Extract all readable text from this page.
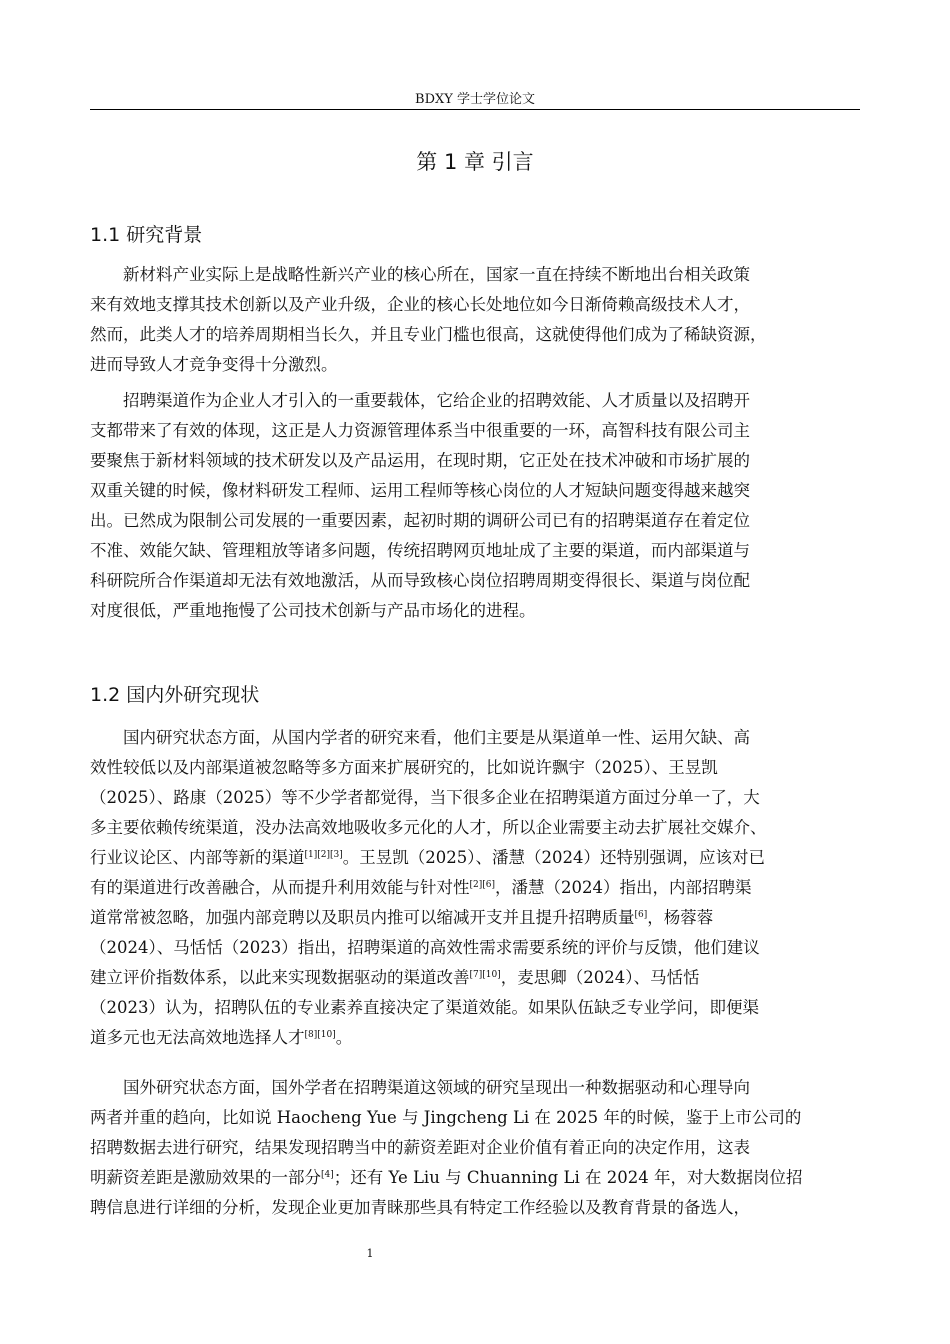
BDXY 学士学位论文
第 1 章 引言
1.1 研究背景

新材料产业实际上是战略性新兴产业的核心所在，国家一直在持续不断地出台相关政策
来有效地支撑其技术创新以及产业升级，企业的核心长处地位如今日渐倚赖高级技术人才，
然而，此类人才的培养周期相当长久，并且专业门槛也很高，这就使得他们成为了稀缺资源，
进而导致人才竞争变得十分激烈。

招聘渠道作为企业人才引入的一重要载体，它给企业的招聘效能、人才质量以及招聘开
支都带来了有效的体现，这正是人力资源管理体系当中很重要的一环，高智科技有限公司主
要聚焦于新材料领域的技术研发以及产品运用，在现时期，它正处在技术冲破和市场扩展的
双重关键的时候，像材料研发工程师、运用工程师等核心岗位的人才短缺问题变得越来越突
出。已然成为限制公司发展的一重要因素，起初时期的调研公司已有的招聘渠道存在着定位
不准、效能欠缺、管理粗放等诸多问题，传统招聘网页地址成了主要的渠道，而内部渠道与
科研院所合作渠道却无法有效地激活，从而导致核心岗位招聘周期变得很长、渠道与岗位配
对度很低，严重地拖慢了公司技术创新与产品市场化的进程。

1.2 国内外研究现状

国内研究状态方面，从国内学者的研究来看，他们主要是从渠道单一性、运用欠缺、高
效性较低以及内部渠道被忽略等多方面来扩展研究的，比如说许飘宇（2025）、王昱凯
（2025）、路康（2025）等不少学者都觉得，当下很多企业在招聘渠道方面过分单一了，大
多主要依赖传统渠道，没办法高效地吸收多元化的人才，所以企业需要主动去扩展社交媒介、
行业议论区、内部等新的渠道[1][2][3]。王昱凯（2025）、潘慧（2024）还特别强调，应该对已
有的渠道进行改善融合，从而提升利用效能与针对性[2][6]，潘慧（2024）指出，内部招聘渠
道常常被忽略，加强内部竞聘以及职员内推可以缩减开支并且提升招聘质量[6]，杨蓉蓉
（2024）、马恬恬（2023）指出，招聘渠道的高效性需求需要系统的评价与反馈，他们建议
建立评价指数体系，以此来实现数据驱动的渠道改善[7][10]，麦思卿（2024）、马恬恬
（2023）认为，招聘队伍的专业素养直接决定了渠道效能。如果队伍缺乏专业学问，即便渠
道多元也无法高效地选择人才[8][10]。

国外研究状态方面，国外学者在招聘渠道这领域的研究呈现出一种数据驱动和心理导向
两者并重的趋向，比如说 Haocheng Yue 与 Jingcheng Li 在 2025 年的时候，鉴于上市公司的
招聘数据去进行研究，结果发现招聘当中的薪资差距对企业价值有着正向的决定作用，这表
明薪资差距是激励效果的一部分[4]；还有 Ye Liu 与 Chuanning Li 在 2024 年，对大数据岗位招
聘信息进行详细的分析，发现企业更加青睐那些具有特定工作经验以及教育背景的备选人，

1
